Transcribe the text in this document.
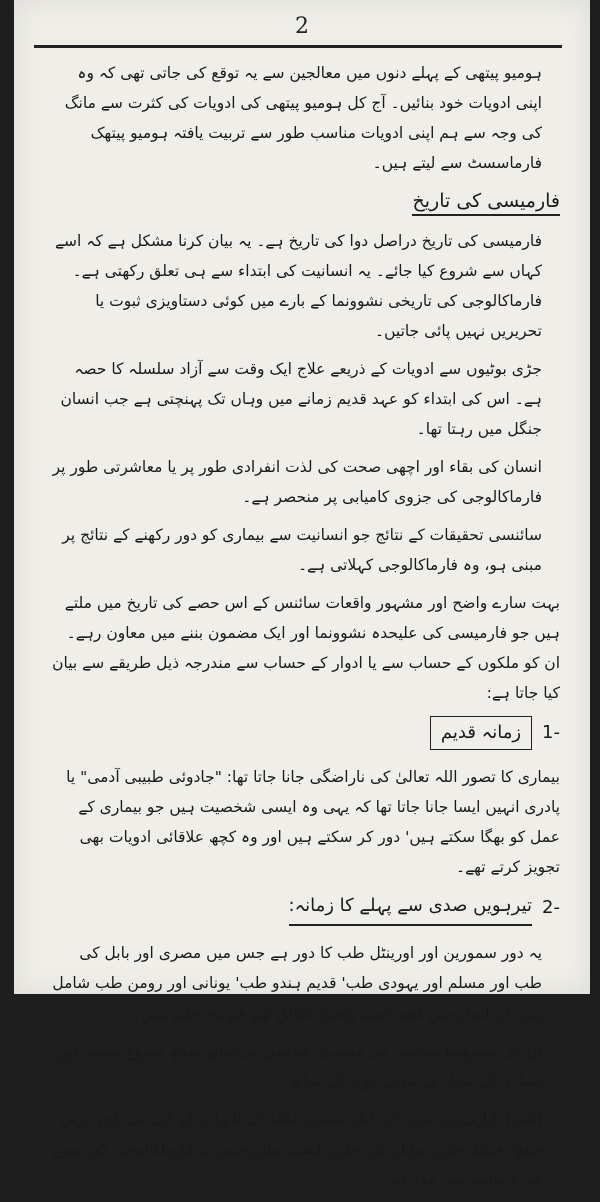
2

ہومیو پیتھی کے پہلے دنوں میں معالجین سے یہ توقع کی جاتی تھی کہ وہ اپنی ادویات خود بنائیں۔ آج کل ہومیو پیتھی کی ادویات کی کثرت سے مانگ کی وجہ سے ہم اپنی ادویات مناسب طور سے تربیت یافتہ ہومیو پیتھک فارماسسٹ سے لیتے ہیں۔

فارمیسی کی تاریخ

فارمیسی کی تاریخ دراصل دوا کی تاریخ ہے۔ یہ بیان کرنا مشکل ہے کہ اسے کہاں سے شروع کیا جائے۔ یہ انسانیت کی ابتداء سے ہی تعلق رکھتی ہے۔ فارماکالوجی کی تاریخی نشوونما کے بارے میں کوئی دستاویزی ثبوت یا تحریریں نہیں پائی جاتیں۔

جڑی بوٹیوں سے ادویات کے ذریعے علاج ایک وقت سے آزاد سلسلہ کا حصہ ہے۔ اس کی ابتداء کو عہد قدیم زمانے میں وہاں تک پہنچتی ہے جب انسان جنگل میں رہتا تھا۔

انسان کی بقاء اور اچھی صحت کی لذت انفرادی طور پر یا معاشرتی طور پر فارماکالوجی کی جزوی کامیابی پر منحصر ہے۔

سائنسی تحقیقات کے نتائج جو انسانیت سے بیماری کو دور رکھنے کے نتائج پر مبنی ہو، وہ فارماکالوجی کہلاتی ہے۔

بہت سارے واضح اور مشہور واقعات سائنس کے اس حصے کی تاریخ میں ملتے ہیں جو فارمیسی کی علیحدہ نشوونما اور ایک مضمون بننے میں معاون رہے۔ ان کو ملکوں کے حساب سے یا ادوار کے حساب سے مندرجہ ذیل طریقے سے بیان کیا جاتا ہے:

-1
زمانہ قدیم

بیماری کا تصور اللہ تعالیٰ کی ناراضگی جانا جاتا تھا: "جادوئی طبیبی آدمی" یا پادری انہیں ایسا جانا جاتا تھا کہ یہی وہ ایسی شخصیت ہیں جو بیماری کے عمل کو بھگا سکتے ہیں' دور کر سکتے ہیں اور وہ کچھ علاقائی ادویات بھی تجویز کرتے تھے۔

-2
تیرہویں صدی سے پہلے کا زمانہ:

یہ دور سمورین اور اورینٹل طب کا دور ہے جس میں مصری اور بابل کی طب اور مسلم اور یہودی طب' قدیم ہندو طب' یونانی اور رومن طب شامل ہے۔ ان ادوار میں کچھ ایسے واضح حقائق تھے جو پتہ چلتے ہیں۔

ان کی نشوونما سائنس کی دوسری شاخوں کے ساتھ ساتھ شروع ہوئیں اور بیماری کے تخیل کے تبدیل ہونے کے ساتھ:

(الف) گیارہویں صدی کی ایک مصری ملکہ کے ادویات کے ڈبے سے کچھ برتن' چمچ' خشک جڑی بوٹیاں اور جڑیں ایسی ملیں جس نے فارماکالوجی کی سوچ کی دریافت میں مدد کی۔
